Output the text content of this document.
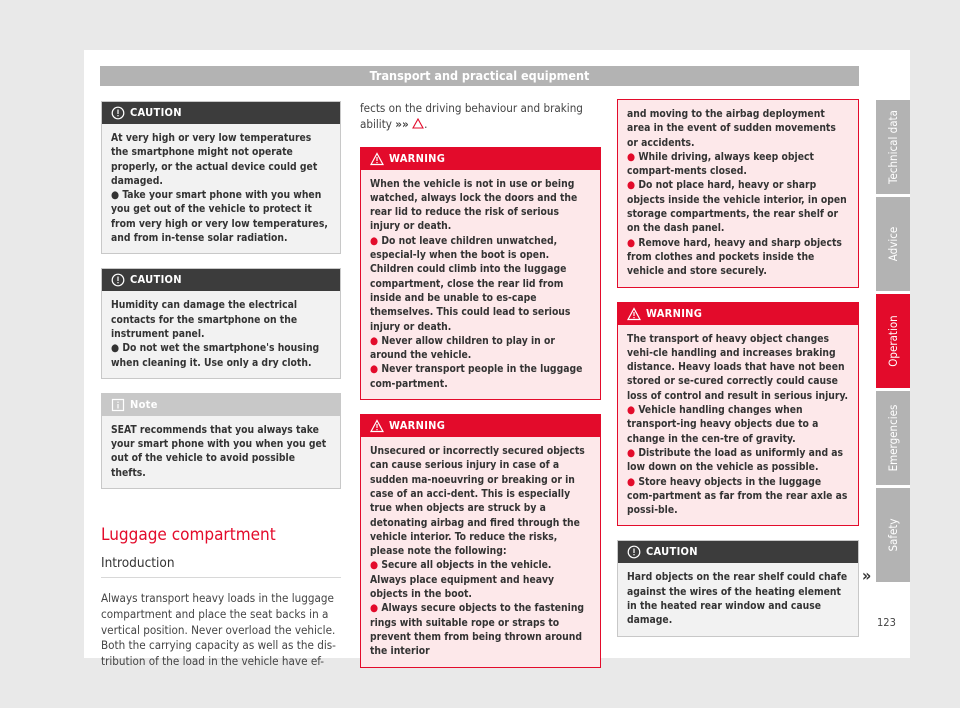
Transport and practical equipment
CAUTION

At very high or very low temperatures the smartphone might not operate properly, or the actual device could get damaged.

● Take your smart phone with you when you get out of the vehicle to protect it from very high or very low temperatures, and from in-tense solar radiation.

CAUTION

Humidity can damage the electrical contacts for the smartphone on the instrument panel.

● Do not wet the smartphone's housing when cleaning it. Use only a dry cloth.

Note

SEAT recommends that you always take your smart phone with you when you get out of the vehicle to avoid possible thefts.

Luggage compartment
Introduction
Always transport heavy loads in the luggage compartment and place the seat backs in a vertical position. Never overload the vehicle. Both the carrying capacity as well as the dis-tribution of the load in the vehicle have ef-
fects on the driving behaviour and braking ability »» .
WARNING

When the vehicle is not in use or being watched, always lock the doors and the rear lid to reduce the risk of serious injury or death.

● Do not leave children unwatched, especial-ly when the boot is open. Children could climb into the luggage compartment, close the rear lid from inside and be unable to es-cape themselves. This could lead to serious injury or death.

● Never allow children to play in or around the vehicle.

● Never transport people in the luggage com-partment.

WARNING

Unsecured or incorrectly secured objects can cause serious injury in case of a sudden ma-noeuvring or breaking or in case of an acci-dent. This is especially true when objects are struck by a detonating airbag and fired through the vehicle interior. To reduce the risks, please note the following:

● Secure all objects in the vehicle. Always place equipment and heavy objects in the boot.

● Always secure objects to the fastening rings with suitable rope or straps to prevent them from being thrown around the interior

and moving to the airbag deployment area in the event of sudden movements or accidents.

● While driving, always keep object compart-ments closed.

● Do not place hard, heavy or sharp objects inside the vehicle interior, in open storage compartments, the rear shelf or on the dash panel.

● Remove hard, heavy and sharp objects from clothes and pockets inside the vehicle and store securely.

WARNING

The transport of heavy object changes vehi-cle handling and increases braking distance. Heavy loads that have not been stored or se-cured correctly could cause loss of control and result in serious injury.

● Vehicle handling changes when transport-ing heavy objects due to a change in the cen-tre of gravity.

● Distribute the load as uniformly and as low down on the vehicle as possible.

● Store heavy objects in the luggage com-partment as far from the rear axle as possi-ble.

CAUTION

Hard objects on the rear shelf could chafe against the wires of the heating element in the heated rear window and cause damage.

»
Technical data
Advice
Operation
Emergencies
Safety
123
